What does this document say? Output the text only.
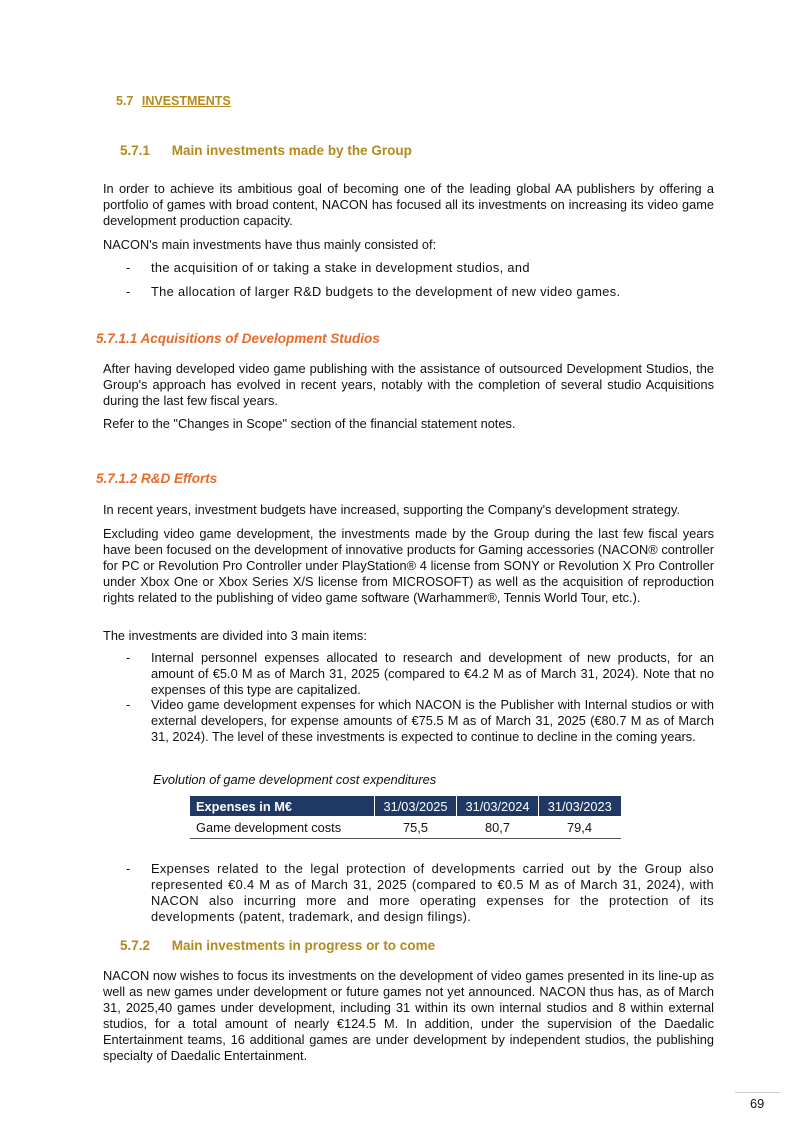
5.7 INVESTMENTS
5.7.1 Main investments made by the Group

In order to achieve its ambitious goal of becoming one of the leading global AA publishers by offering a portfolio of games with broad content, NACON has focused all its investments on increasing its video game development production capacity.

NACON's main investments have thus mainly consisted of:

- the acquisition of or taking a stake in development studios, and
- The allocation of larger R&D budgets to the development of new video games.
5.7.1.1 Acquisitions of Development Studios

After having developed video game publishing with the assistance of outsourced Development Studios, the Group's approach has evolved in recent years, notably with the completion of several studio Acquisitions during the last few fiscal years.

Refer to the "Changes in Scope" section of the financial statement notes.

5.7.1.2 R&D Efforts

In recent years, investment budgets have increased, supporting the Company's development strategy.

Excluding video game development, the investments made by the Group during the last few fiscal years have been focused on the development of innovative products for Gaming accessories (NACON® controller for PC or Revolution Pro Controller under PlayStation® 4 license from SONY or Revolution X Pro Controller under Xbox One or Xbox Series X/S license from MICROSOFT) as well as the acquisition of reproduction rights related to the publishing of video game software (Warhammer®, Tennis World Tour, etc.).

The investments are divided into 3 main items:

- Internal personnel expenses allocated to research and development of new products, for an amount of €5.0 M as of March 31, 2025 (compared to €4.2 M as of March 31, 2024). Note that no expenses of this type are capitalized.
- Video game development expenses for which NACON is the Publisher with Internal studios or with external developers, for expense amounts of €75.5 M as of March 31, 2025 (€80.7 M as of March 31, 2024). The level of these investments is expected to continue to decline in the coming years.
Evolution of game development cost expenditures
Expenses in M€	31/03/2025	31/03/2024	31/03/2023
Game development costs	75,5	80,7	79,4
- Expenses related to the legal protection of developments carried out by the Group also represented €0.4 M as of March 31, 2025 (compared to €0.5 M as of March 31, 2024), with NACON also incurring more and more operating expenses for the protection of its developments (patent, trademark, and design filings).
5.7.2 Main investments in progress or to come

NACON now wishes to focus its investments on the development of video games presented in its line-up as well as new games under development or future games not yet announced. NACON thus has, as of March 31, 2025,40 games under development, including 31 within its own internal studios and 8 within external studios, for a total amount of nearly €124.5 M. In addition, under the supervision of the Daedalic Entertainment teams, 16 additional games are under development by independent studios, the publishing specialty of Daedalic Entertainment.

69
